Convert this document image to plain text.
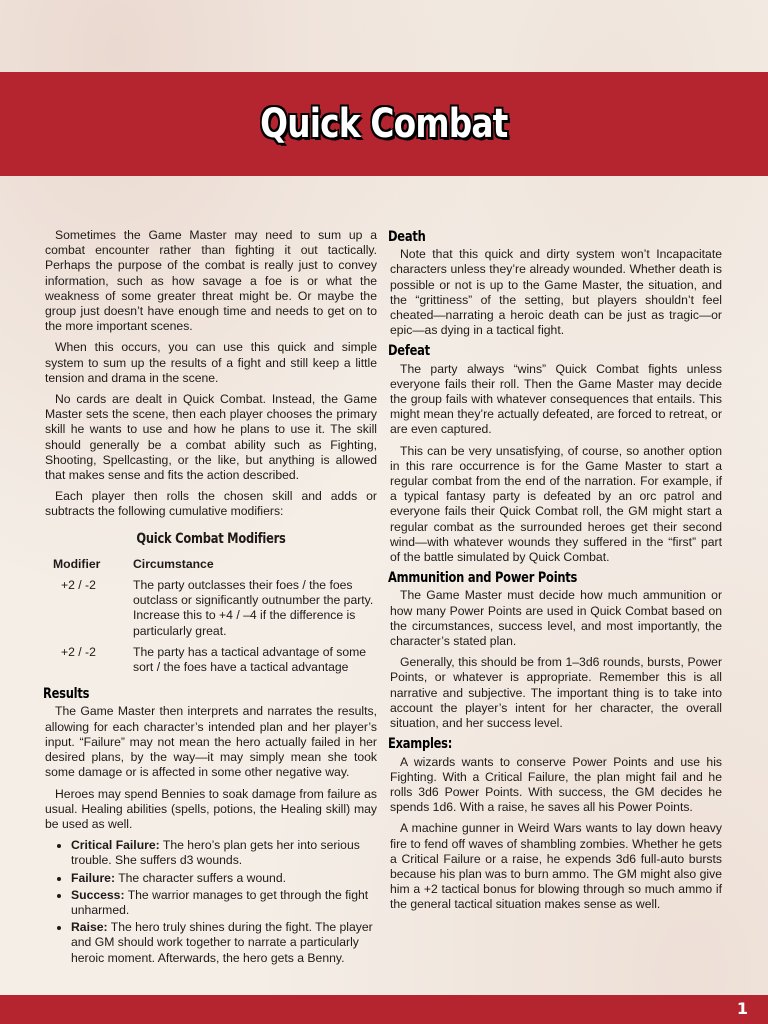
Quick Combat

Sometimes the Game Master may need to sum up a combat encounter rather than fighting it out tactically. Perhaps the purpose of the combat is really just to convey information, such as how savage a foe is or what the weakness of some greater threat might be. Or maybe the group just doesn’t have enough time and needs to get on to the more important scenes.

When this occurs, you can use this quick and simple system to sum up the results of a fight and still keep a little tension and drama in the scene.

No cards are dealt in Quick Combat. Instead, the Game Master sets the scene, then each player chooses the primary skill he wants to use and how he plans to use it. The skill should generally be a combat ability such as Fighting, Shooting, Spellcasting, or the like, but anything is allowed that makes sense and fits the action described.

Each player then rolls the chosen skill and adds or subtracts the following cumulative modifiers:

Quick Combat Modifiers
Modifier	Circumstance
+2 / -2	The party outclasses their foes / the foes outclass or significantly outnumber the party. Increase this to +4 / –4 if the difference is particularly great.
+2 / -2	The party has a tactical advantage of some sort / the foes have a tactical advantage
Results

The Game Master then interprets and narrates the results, allowing for each character’s intended plan and her player’s input. “Failure” may not mean the hero actually failed in her desired plans, by the way—it may simply mean she took some damage or is affected in some other negative way.

Heroes may spend Bennies to soak damage from failure as usual. Healing abilities (spells, potions, the Healing skill) may be used as well.

• Critical Failure: The hero’s plan gets her into serious trouble. She suffers d3 wounds.
• Failure: The character suffers a wound.
• Success: The warrior manages to get through the fight unharmed.
• Raise: The hero truly shines during the fight. The player and GM should work together to narrate a particularly heroic moment. Afterwards, the hero gets a Benny.
Death

Note that this quick and dirty system won’t Incapacitate characters unless they’re already wounded. Whether death is possible or not is up to the Game Master, the situation, and the “grittiness” of the setting, but players shouldn’t feel cheated—narrating a heroic death can be just as tragic—or epic—as dying in a tactical fight.

Defeat

The party always “wins” Quick Combat fights unless everyone fails their roll. Then the Game Master may decide the group fails with whatever consequences that entails. This might mean they’re actually defeated, are forced to retreat, or are even captured.

This can be very unsatisfying, of course, so another option in this rare occurrence is for the Game Master to start a regular combat from the end of the narration. For example, if a typical fantasy party is defeated by an orc patrol and everyone fails their Quick Combat roll, the GM might start a regular combat as the surrounded heroes get their second wind—with whatever wounds they suffered in the “first” part of the battle simulated by Quick Combat.

Ammunition and Power Points

The Game Master must decide how much ammunition or how many Power Points are used in Quick Combat based on the circumstances, success level, and most importantly, the character’s stated plan.

Generally, this should be from 1–3d6 rounds, bursts, Power Points, or whatever is appropriate. Remember this is all narrative and subjective. The important thing is to take into account the player’s intent for her character, the overall situation, and her success level.

Examples:

A wizards wants to conserve Power Points and use his Fighting. With a Critical Failure, the plan might fail and he rolls 3d6 Power Points. With success, the GM decides he spends 1d6. With a raise, he saves all his Power Points.

A machine gunner in Weird Wars wants to lay down heavy fire to fend off waves of shambling zombies. Whether he gets a Critical Failure or a raise, he expends 3d6 full-auto bursts because his plan was to burn ammo. The GM might also give him a +2 tactical bonus for blowing through so much ammo if the general tactical situation makes sense as well.

1
